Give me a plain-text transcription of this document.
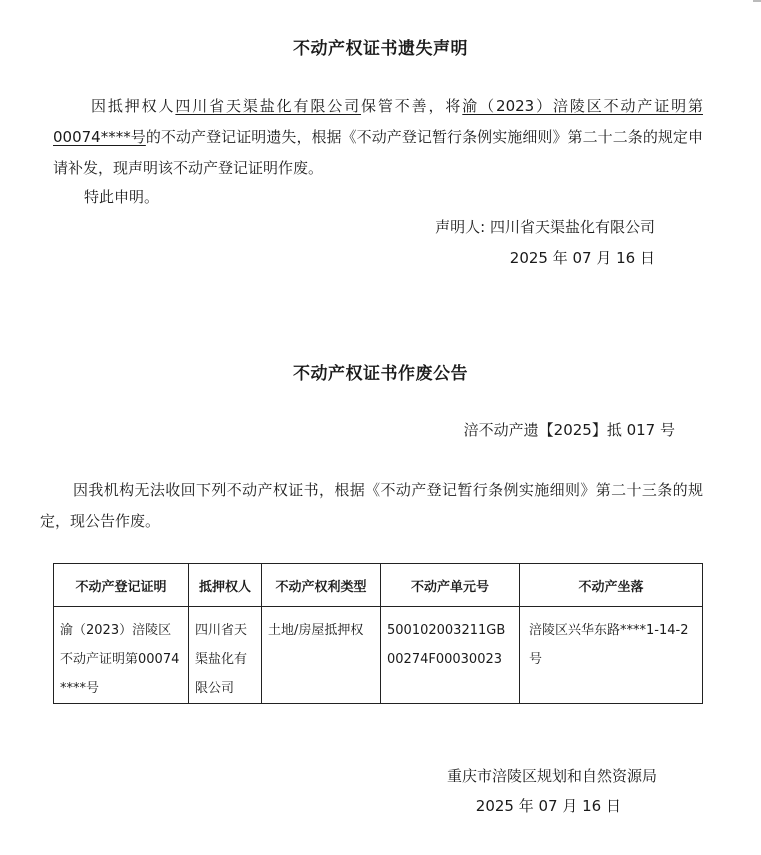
不动产权证书遗失声明
因抵押权人四川省天渠盐化有限公司保管不善，将渝（2023）涪陵区不动产证明第00074****号的不动产登记证明遗失，根据《不动产登记暂行条例实施细则》第二十二条的规定申请补发，现声明该不动产登记证明作废。
特此申明。
声明人: 四川省天渠盐化有限公司
2025 年 07 月 16 日
不动产权证书作废公告
涪不动产遗【2025】抵 017 号
因我机构无法收回下列不动产权证书，根据《不动产登记暂行条例实施细则》第二十三条的规定，现公告作废。
不动产登记证明	抵押权人	不动产权利类型	不动产单元号	不动产坐落
渝（2023）涪陵区不动产证明第00074****号	四川省天渠盐化有限公司	土地/房屋抵押权	500102003211GB00274F00030023	涪陵区兴华东路****1-14-2号
重庆市涪陵区规划和自然资源局
2025 年 07 月 16 日
